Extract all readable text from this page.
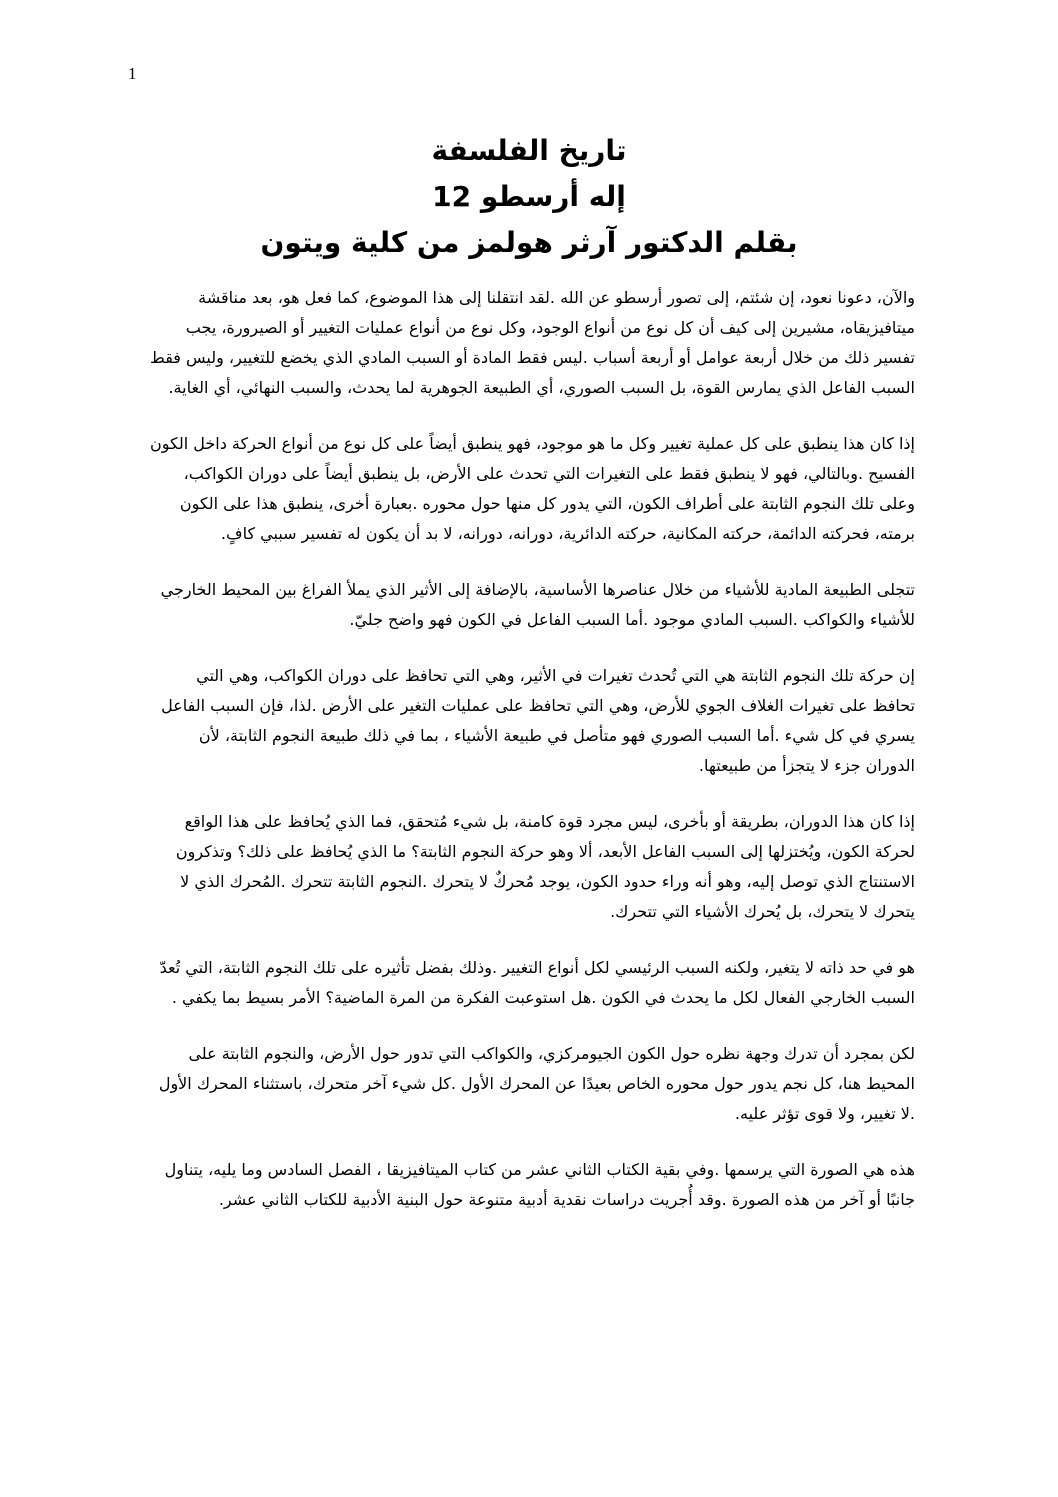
1

تاريخ الفلسفة

إله أرسطو 12

بقلم الدكتور آرثر هولمز من كلية ويتون

والآن، دعونا نعود، إن شئتم، إلى تصور أرسطو عن الله .لقد انتقلنا إلى هذا الموضوع، كما فعل هو، بعد مناقشة ميتافيزيقاه، مشيرين إلى كيف أن كل نوع من أنواع الوجود، وكل نوع من أنواع عمليات التغيير أو الصيرورة، يجب تفسير ذلك من خلال أربعة عوامل أو أربعة أسباب .ليس فقط المادة أو السبب المادي الذي يخضع للتغيير، وليس فقط السبب الفاعل الذي يمارس القوة، بل السبب الصوري، أي الطبيعة الجوهرية لما يحدث، والسبب النهائي، أي الغاية.

إذا كان هذا ينطبق على كل عملية تغيير وكل ما هو موجود، فهو ينطبق أيضاً على كل نوع من أنواع الحركة داخل الكون الفسيح .وبالتالي، فهو لا ينطبق فقط على التغيرات التي تحدث على الأرض، بل ينطبق أيضاً على دوران الكواكب، وعلى تلك النجوم الثابتة على أطراف الكون، التي يدور كل منها حول محوره .بعبارة أخرى، ينطبق هذا على الكون برمته، فحركته الدائمة، حركته المكانية، حركته الدائرية، دورانه، دورانه، لا بد أن يكون له تفسير سببي كافٍ.

تتجلى الطبيعة المادية للأشياء من خلال عناصرها الأساسية، بالإضافة إلى الأثير الذي يملأ الفراغ بين المحيط الخارجي للأشياء والكواكب .السبب المادي موجود .أما السبب الفاعل في الكون فهو واضح جليّ.

إن حركة تلك النجوم الثابتة هي التي تُحدث تغيرات في الأثير، وهي التي تحافظ على دوران الكواكب، وهي التي تحافظ على تغيرات الغلاف الجوي للأرض، وهي التي تحافظ على عمليات التغير على الأرض .لذا، فإن السبب الفاعل يسري في كل شيء .أما السبب الصوري فهو متأصل في طبيعة الأشياء ، بما في ذلك طبيعة النجوم الثابتة، لأن الدوران جزء لا يتجزأ من طبيعتها.

إذا كان هذا الدوران، بطريقة أو بأخرى، ليس مجرد قوة كامنة، بل شيء مُتحقق، فما الذي يُحافظ على هذا الواقع لحركة الكون، ويُختزلها إلى السبب الفاعل الأبعد، ألا وهو حركة النجوم الثابتة؟ ما الذي يُحافظ على ذلك؟ وتذكرون الاستنتاج الذي توصل إليه، وهو أنه وراء حدود الكون، يوجد مُحركٌ لا يتحرك .النجوم الثابتة تتحرك .المُحرك الذي لا يتحرك لا يتحرك، بل يُحرك الأشياء التي تتحرك.

هو في حد ذاته لا يتغير، ولكنه السبب الرئيسي لكل أنواع التغيير .وذلك بفضل تأثيره على تلك النجوم الثابتة، التي تُعدّ السبب الخارجي الفعال لكل ما يحدث في الكون .هل استوعبت الفكرة من المرة الماضية؟ الأمر بسيط بما يكفي .

لكن بمجرد أن تدرك وجهة نظره حول الكون الجيومركزي، والكواكب التي تدور حول الأرض، والنجوم الثابتة على المحيط هنا، كل نجم يدور حول محوره الخاص بعيدًا عن المحرك الأول .كل شيء آخر متحرك، باستثناء المحرك الأول .لا تغيير، ولا قوى تؤثر عليه.

هذه هي الصورة التي يرسمها .وفي بقية الكتاب الثاني عشر من كتاب الميتافيزيقا ، الفصل السادس وما يليه، يتناول جانبًا أو آخر من هذه الصورة .وقد أُجريت دراسات نقدية أدبية متنوعة حول البنية الأدبية للكتاب الثاني عشر.
